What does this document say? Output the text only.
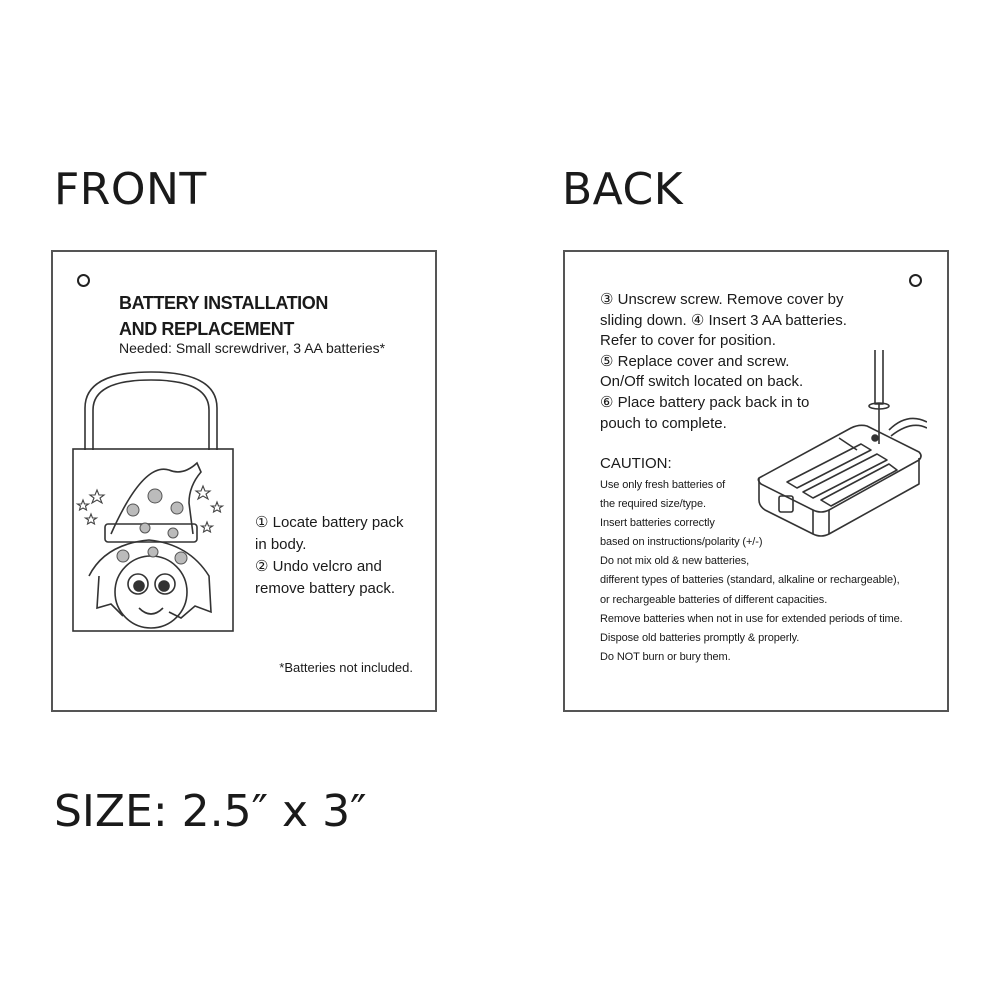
FRONT	BACK
BATTERY INSTALLATION
AND REPLACEMENT
Needed: Small screwdriver, 3 AA batteries*

① Locate battery pack

in body.

② Undo velcro and

remove battery pack.

*Batteries not included.

③ Unscrew screw. Remove cover by

sliding down. ④ Insert 3 AA batteries.

Refer to cover for position.

⑤ Replace cover and screw.

On/Off switch located on back.

⑥ Place battery pack back in to

pouch to complete.

CAUTION:

Use only fresh batteries of

the required size/type.

Insert batteries correctly

based on instructions/polarity (+/-)

Do not mix old & new batteries,

different types of batteries (standard, alkaline or rechargeable),

or rechargeable batteries of different capacities.

Remove batteries when not in use for extended periods of time.

Dispose old batteries promptly & properly.

Do NOT burn or bury them.

SIZE: 2.5″ x 3″
